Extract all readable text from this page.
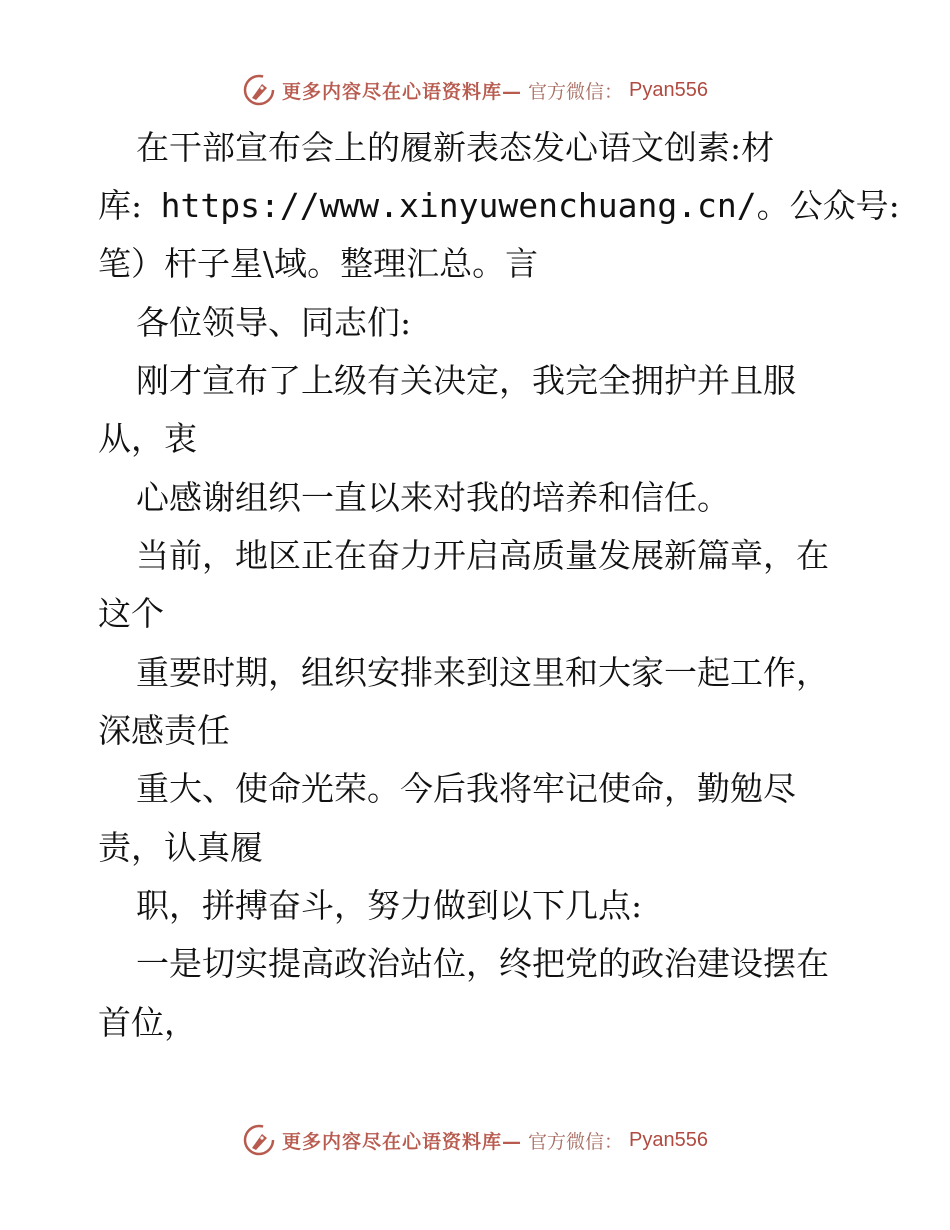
更多内容尽在心语资料库— 官方微信： Pyan556
在干部宣布会上的履新表态发心语文创素:材
库: https://www.xinyuwenchuang.cn/。公众号:
笔）杆子星\域。整理汇总。言
各位领导、同志们:
刚才宣布了上级有关决定，我完全拥护并且服
从，衷
心感谢组织一直以来对我的培养和信任。
当前，地区正在奋力开启高质量发展新篇章，在
这个
重要时期，组织安排来到这里和大家一起工作，
深感责任
重大、使命光荣。今后我将牢记使命，勤勉尽
责，认真履
职，拼搏奋斗，努力做到以下几点:
一是切实提高政治站位，终把党的政治建设摆在
首位，
更多内容尽在心语资料库— 官方微信： Pyan556
